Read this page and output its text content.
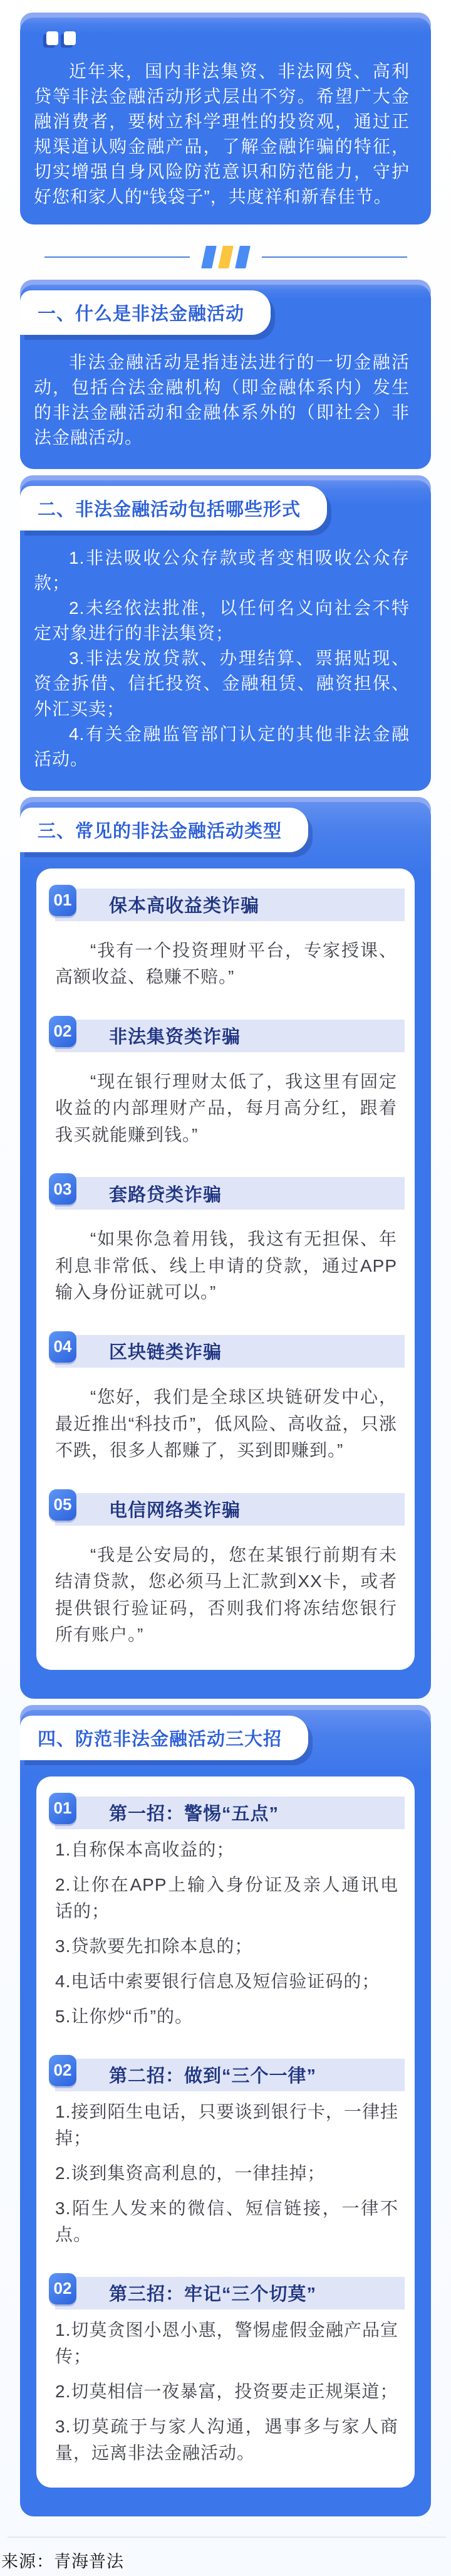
近年来，国内非法集资、非法网贷、高利贷等非法金融活动形式层出不穷。希望广大金融消费者，要树立科学理性的投资观，通过正规渠道认购金融产品，了解金融诈骗的特征，切实增强自身风险防范意识和防范能力，守护好您和家人的“钱袋子”，共度祥和新春佳节。

一、什么是非法金融活动

非法金融活动是指违法进行的一切金融活动，包括合法金融机构（即金融体系内）发生的非法金融活动和金融体系外的（即社会）非法金融活动。

二、非法金融活动包括哪些形式

1.非法吸收公众存款或者变相吸收公众存款；

2.未经依法批准，以任何名义向社会不特定对象进行的非法集资；

3.非法发放贷款、办理结算、票据贴现、资金拆借、信托投资、金融租赁、融资担保、外汇买卖；

4.有关金融监管部门认定的其他非法金融活动。

三、常见的非法金融活动类型
保本高收益类诈骗
01

“我有一个投资理财平台，专家授课、高额收益、稳赚不赔。”

非法集资类诈骗
02

“现在银行理财太低了，我这里有固定收益的内部理财产品，每月高分红，跟着我买就能赚到钱。”

套路贷类诈骗
03

“如果你急着用钱，我这有无担保、年利息非常低、线上申请的贷款，通过APP输入身份证就可以。”

区块链类诈骗
04

“您好，我们是全球区块链研发中心，最近推出“科技币”，低风险、高收益，只涨不跌，很多人都赚了，买到即赚到。”

电信网络类诈骗
05

“我是公安局的，您在某银行前期有未结清贷款，您必须马上汇款到XX卡，或者提供银行验证码，否则我们将冻结您银行所有账户。”

四、防范非法金融活动三大招
第一招：警惕“五点”
01

1.自称保本高收益的；

2.让你在APP上输入身份证及亲人通讯电话的；

3.贷款要先扣除本息的；

4.电话中索要银行信息及短信验证码的；

5.让你炒“币”的。

第二招：做到“三个一律”
02

1.接到陌生电话，只要谈到银行卡，一律挂掉；

2.谈到集资高利息的，一律挂掉；

3.陌生人发来的微信、短信链接，一律不点。

第三招：牢记“三个切莫”
02

1.切莫贪图小恩小惠，警惕虚假金融产品宣传；

2.切莫相信一夜暴富，投资要走正规渠道；

3.切莫疏于与家人沟通，遇事多与家人商量，远离非法金融活动。

来源：青海普法
